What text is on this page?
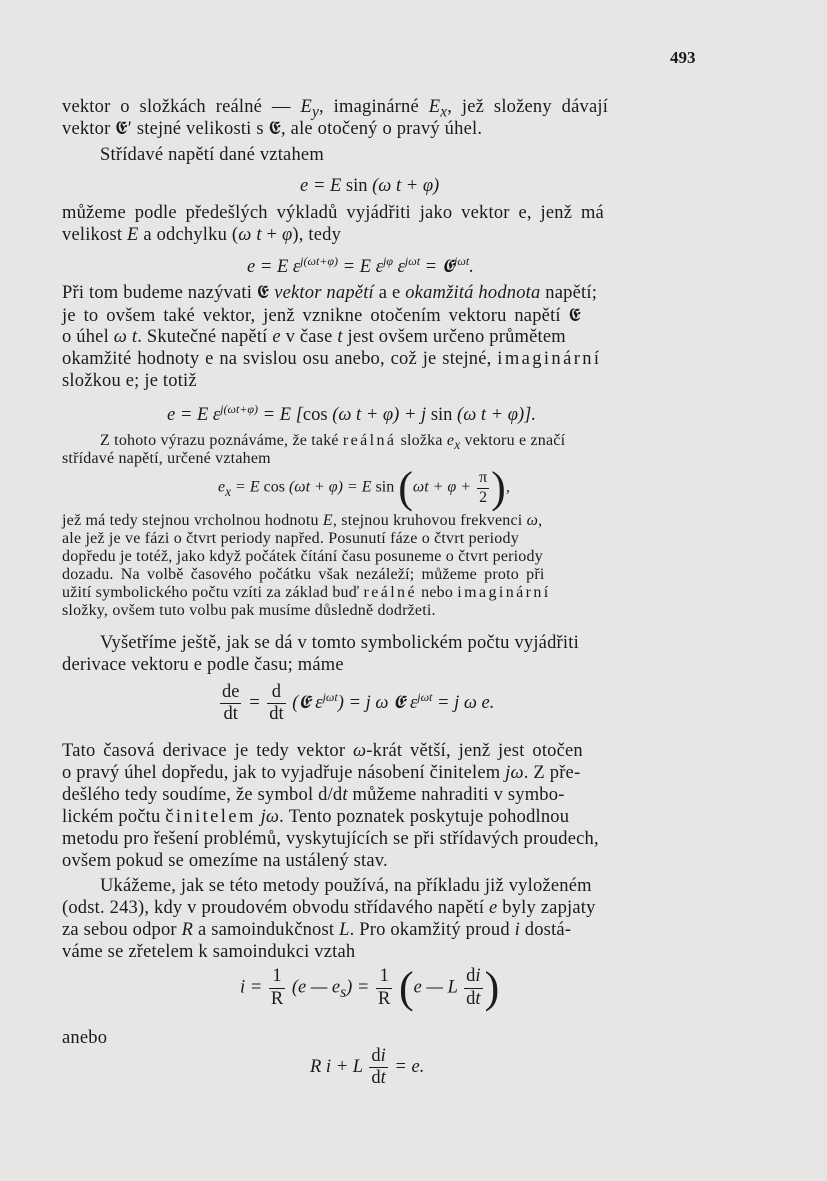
493
vektor o složkách reálné — $E_y$, imaginárné $E_x$, jež složeny dávají
vektor 𝕰′ stejné velikosti s 𝕰, ale otočený o pravý úhel.
Střídavé napětí dané vztahem
e = E sin (ω t + φ)
můžeme podle předešlých výkladů vyjádřiti jako vektor e, jenž má
velikost E a odchylku (ω t + φ), tedy
e = E $\varepsilon^{j(\omega t+\varphi)} = E$ $\varepsilon^{j\varphi}$ $\varepsilon^{j\omega t}$ = 𝕰$^{j\omega t}$.
Při tom budeme nazývati 𝕰 vektor napětí a e okamžitá hodnota napětí;
je to ovšem také vektor, jenž vznikne otočením vektoru napětí 𝕰
o úhel ω t. Skutečné napětí e v čase t jest ovšem určeno průmětem
okamžité hodnoty e na svislou osu anebo, což je stejné, imaginární
složkou e; je totiž
e = E $\varepsilon^{j(\omega t+\varphi)} = E$ [cos (ω t + φ) + j sin (ω t + φ)].
Z tohoto výrazu poznáváme, že také reálná složka $e_x$ vektoru e značí
střídavé napětí, určené vztahem
$e_x = E$ cos (ωt + φ) = E $\sin (\omega t + \varphi + \frac{\pi}{2}$ ),
jež má tedy stejnou vrcholnou hodnotu E, stejnou kruhovou frekvenci ω,
ale jež je ve fázi o čtvrt periody napřed. Posunutí fáze o čtvrt periody
dopředu je totéž, jako když počátek čítání času posuneme o čtvrt periody
dozadu. Na volbě časového počátku však nezáleží; můžeme proto při
užití symbolického počtu vzíti za základ buď reálné nebo imaginární
složky, ovšem tuto volbu pak musíme důsledně dodržeti.
Vyšetříme ještě, jak se dá v tomto symbolickém počtu vyjádřiti
derivace vektoru e podle času; máme
$\frac{de}{dt} = \frac{d}{dt}$ (𝕰 $\varepsilon^{j\omega t}) = j$ ω 𝕰 $\varepsilon^{j\omega t} = j$ ω e.
Tato časová derivace je tedy vektor ω-krát větší, jenž jest otočen
o pravý úhel dopředu, jak to vyjadřuje násobení činitelem jω. Z pře-
dešlého tedy soudíme, že symbol d/dt můžeme nahraditi v symbo-
lickém počtu činitelem jω. Tento poznatek poskytuje pohodlnou
metodu pro řešení problémů, vyskytujících se při střídavých proudech,
ovšem pokud se omezíme na ustálený stav.
Ukážeme, jak se této metody používá, na příkladu již vyloženém
(odst. 243), kdy v proudovém obvodu střídavého napětí e byly zapjaty
za sebou odpor R a samoindukčnost L. Pro okamžitý proud i dostá-
váme se zřetelem k samoindukci vztah
$i = \frac{1}{R} (e$ — $e_s) = \frac{1}{R} (e$ — L $\frac{di}{dt}$ )
anebo
R i + L $\frac{di}{dt} = e$.
